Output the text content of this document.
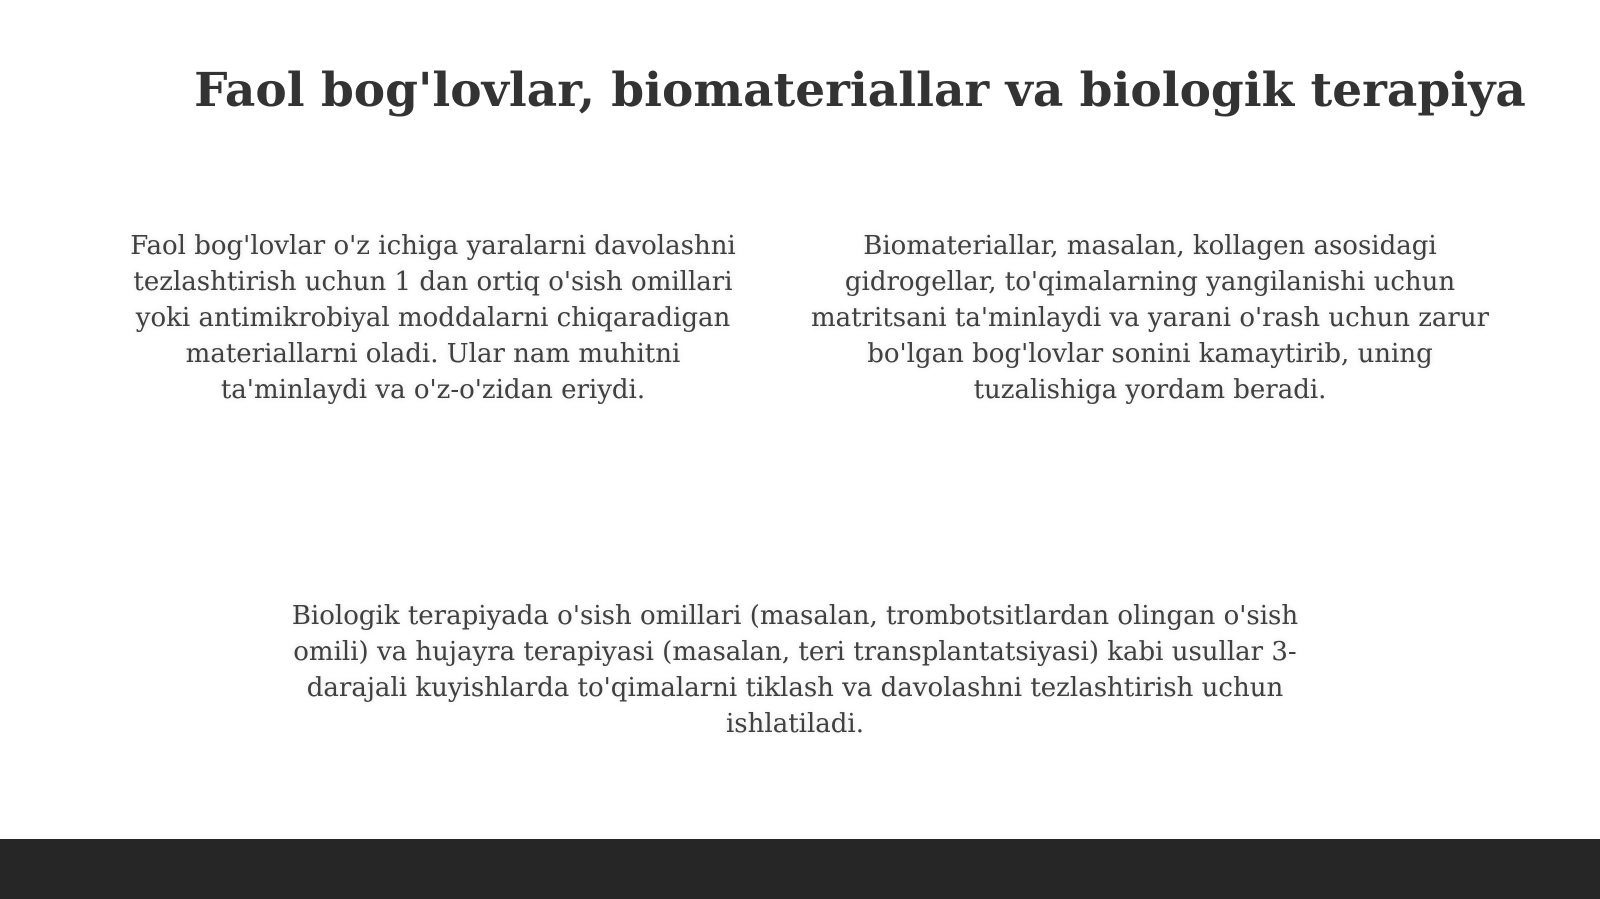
Faol bog'lovlar, biomateriallar va biologik terapiya

Faol bog'lovlar o'z ichiga yaralarni davolashni tezlashtirish uchun 1 dan ortiq o'sish omillari yoki antimikrobiyal moddalarni chiqaradigan materiallarni oladi. Ular nam muhitni ta'minlaydi va o'z-o'zidan eriydi.

Biomateriallar, masalan, kollagen asosidagi gidrogellar, to'qimalarning yangilanishi uchun matritsani ta'minlaydi va yarani o'rash uchun zarur bo'lgan bog'lovlar sonini kamaytirib, uning tuzalishiga yordam beradi.

Biologik terapiyada o'sish omillari (masalan, trombotsitlardan olingan o'sish omili) va hujayra terapiyasi (masalan, teri transplantatsiyasi) kabi usullar 3-darajali kuyishlarda to'qimalarni tiklash va davolashni tezlashtirish uchun ishlatiladi.
